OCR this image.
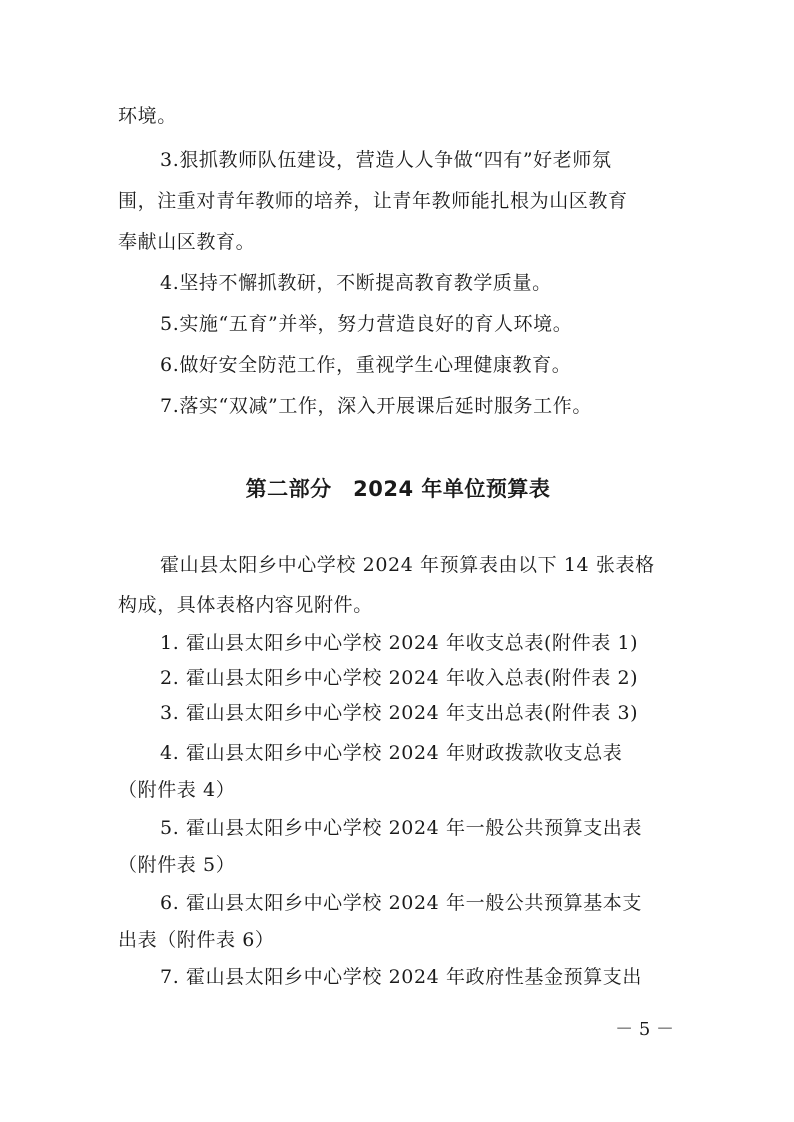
环境。
3.狠抓教师队伍建设，营造人人争做“四有”好老师氛
围，注重对青年教师的培养，让青年教师能扎根为山区教育
奉献山区教育。
4.坚持不懈抓教研，不断提高教育教学质量。
5.实施“五育”并举，努力营造良好的育人环境。
6.做好安全防范工作，重视学生心理健康教育。
7.落实“双减”工作，深入开展课后延时服务工作。
第二部分　2024 年单位预算表
霍山县太阳乡中心学校 2024 年预算表由以下 14 张表格
构成，具体表格内容见附件。
1. 霍山县太阳乡中心学校 2024 年收支总表(附件表 1)
2. 霍山县太阳乡中心学校 2024 年收入总表(附件表 2)
3. 霍山县太阳乡中心学校 2024 年支出总表(附件表 3)
4. 霍山县太阳乡中心学校 2024 年财政拨款收支总表
（附件表 4）
5. 霍山县太阳乡中心学校 2024 年一般公共预算支出表
（附件表 5）
6. 霍山县太阳乡中心学校 2024 年一般公共预算基本支
出表（附件表 6）
7. 霍山县太阳乡中心学校 2024 年政府性基金预算支出
－ 5 －
